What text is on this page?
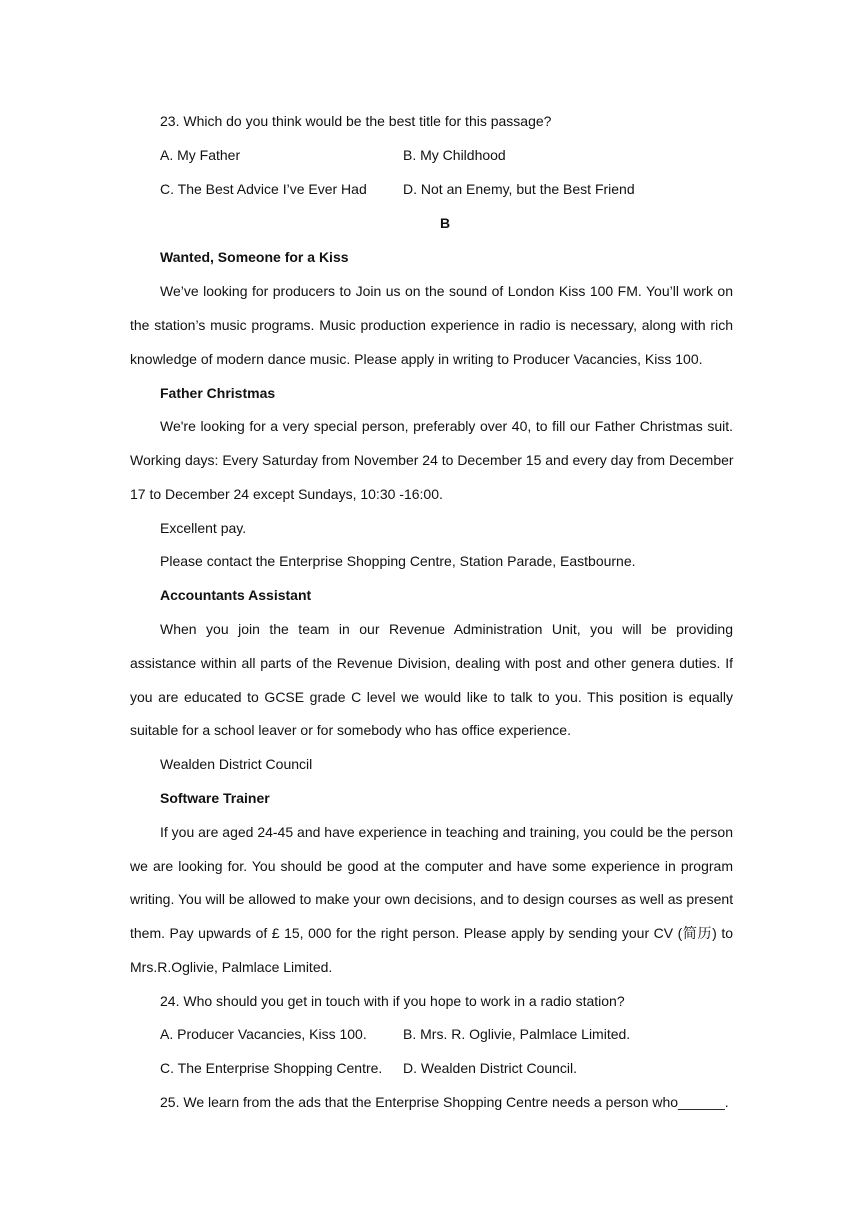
23. Which do you think would be the best title for this passage?
A. My Father	B. My Childhood
C. The Best Advice I’ve Ever Had	D. Not an Enemy, but the Best Friend
B
Wanted, Someone for a Kiss
We’ve looking for producers to Join us on the sound of London Kiss 100 FM. You’ll work on
the station’s music programs. Music production experience in radio is necessary, along with rich
knowledge of modern dance music. Please apply in writing to Producer Vacancies, Kiss 100.
Father Christmas
We're looking for a very special person, preferably over 40, to fill our Father Christmas suit.
Working days: Every Saturday from November 24 to December 15 and every day from December
17 to December 24 except Sundays, 10:30 -16:00.
Excellent pay.
Please contact the Enterprise Shopping Centre, Station Parade, Eastbourne.
Accountants Assistant
When you join the team in our Revenue Administration Unit, you will be providing
assistance within all parts of the Revenue Division, dealing with post and other genera duties. If
you are educated to GCSE grade C level we would like to talk to you. This position is equally
suitable for a school leaver or for somebody who has office experience.
Wealden District Council
Software Trainer
If you are aged 24-45 and have experience in teaching and training, you could be the person
we are looking for. You should be good at the computer and have some experience in program
writing. You will be allowed to make your own decisions, and to design courses as well as present
them. Pay upwards of £ 15, 000 for the right person. Please apply by sending your CV (简历) to
Mrs.R.Oglivie, Palmlace Limited.
24. Who should you get in touch with if you hope to work in a radio station?
A. Producer Vacancies, Kiss 100.	B. Mrs. R. Oglivie, Palmlace Limited.
C. The Enterprise Shopping Centre. D. Wealden District Council.
25. We learn from the ads that the Enterprise Shopping Centre needs a person who______.
